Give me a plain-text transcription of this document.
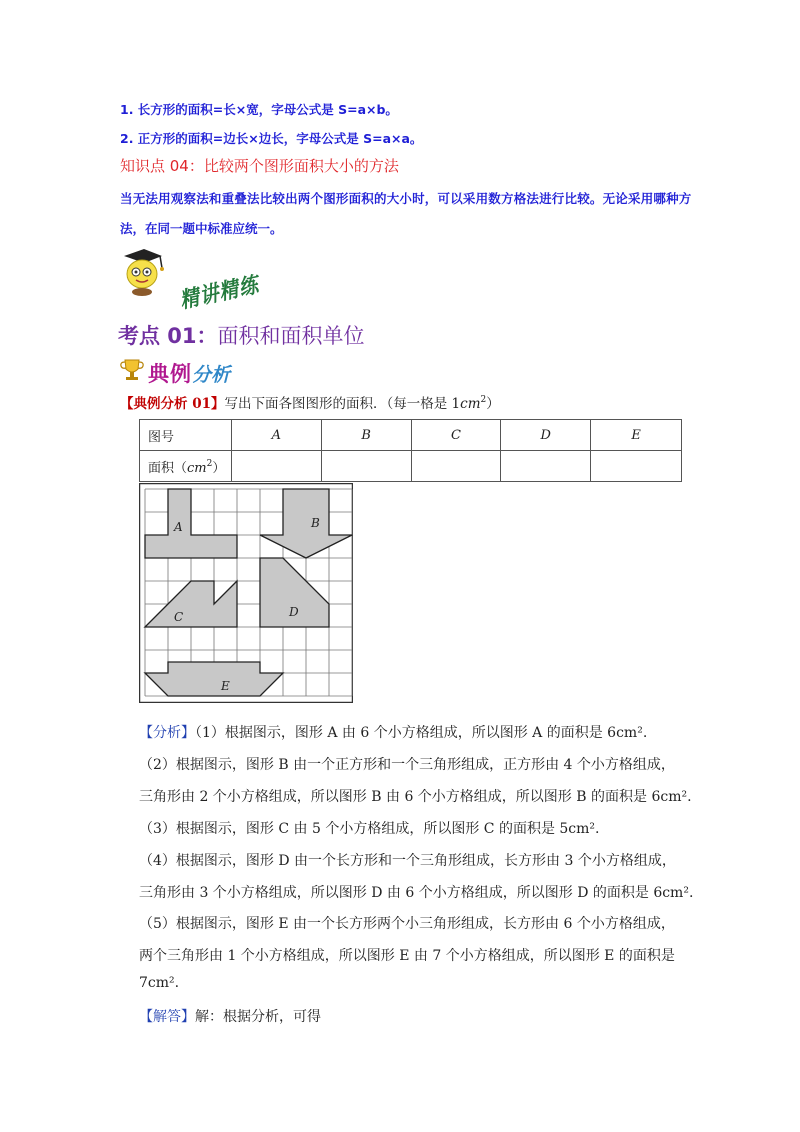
1. 长方形的面积=长×宽，字母公式是 S=a×b。
2. 正方形的面积=边长×边长，字母公式是 S=a×a。
知识点 04：比较两个图形面积大小的方法
当无法用观察法和重叠法比较出两个图形面积的大小时，可以采用数方格法进行比较。无论采用哪种方
法，在同一题中标准应统一。
精讲精练
考点 01：面积和面积单位
典例分析
【典例分析 01】写出下面各图图形的面积．（每一格是 $1cm^2$）
图号	A	B	C	D	E
面积$(cm^2)$					
A	B
C	D
E
【分析】（1）根据图示，图形 A 由 6 个小方格组成，所以图形 A 的面积是 6cm².
（2）根据图示，图形 B 由一个正方形和一个三角形组成，正方形由 4 个小方格组成，
三角形由 2 个小方格组成，所以图形 B 由 6 个小方格组成，所以图形 B 的面积是 6cm².
（3）根据图示，图形 C 由 5 个小方格组成，所以图形 C 的面积是 5cm².
（4）根据图示，图形 D 由一个长方形和一个三角形组成，长方形由 3 个小方格组成，
三角形由 3 个小方格组成，所以图形 D 由 6 个小方格组成，所以图形 D 的面积是 6cm².
（5）根据图示，图形 E 由一个长方形两个小三角形组成，长方形由 6 个小方格组成，
两个三角形由 1 个小方格组成，所以图形 E 由 7 个小方格组成，所以图形 E 的面积是
7cm².
【解答】解：根据分析，可得
